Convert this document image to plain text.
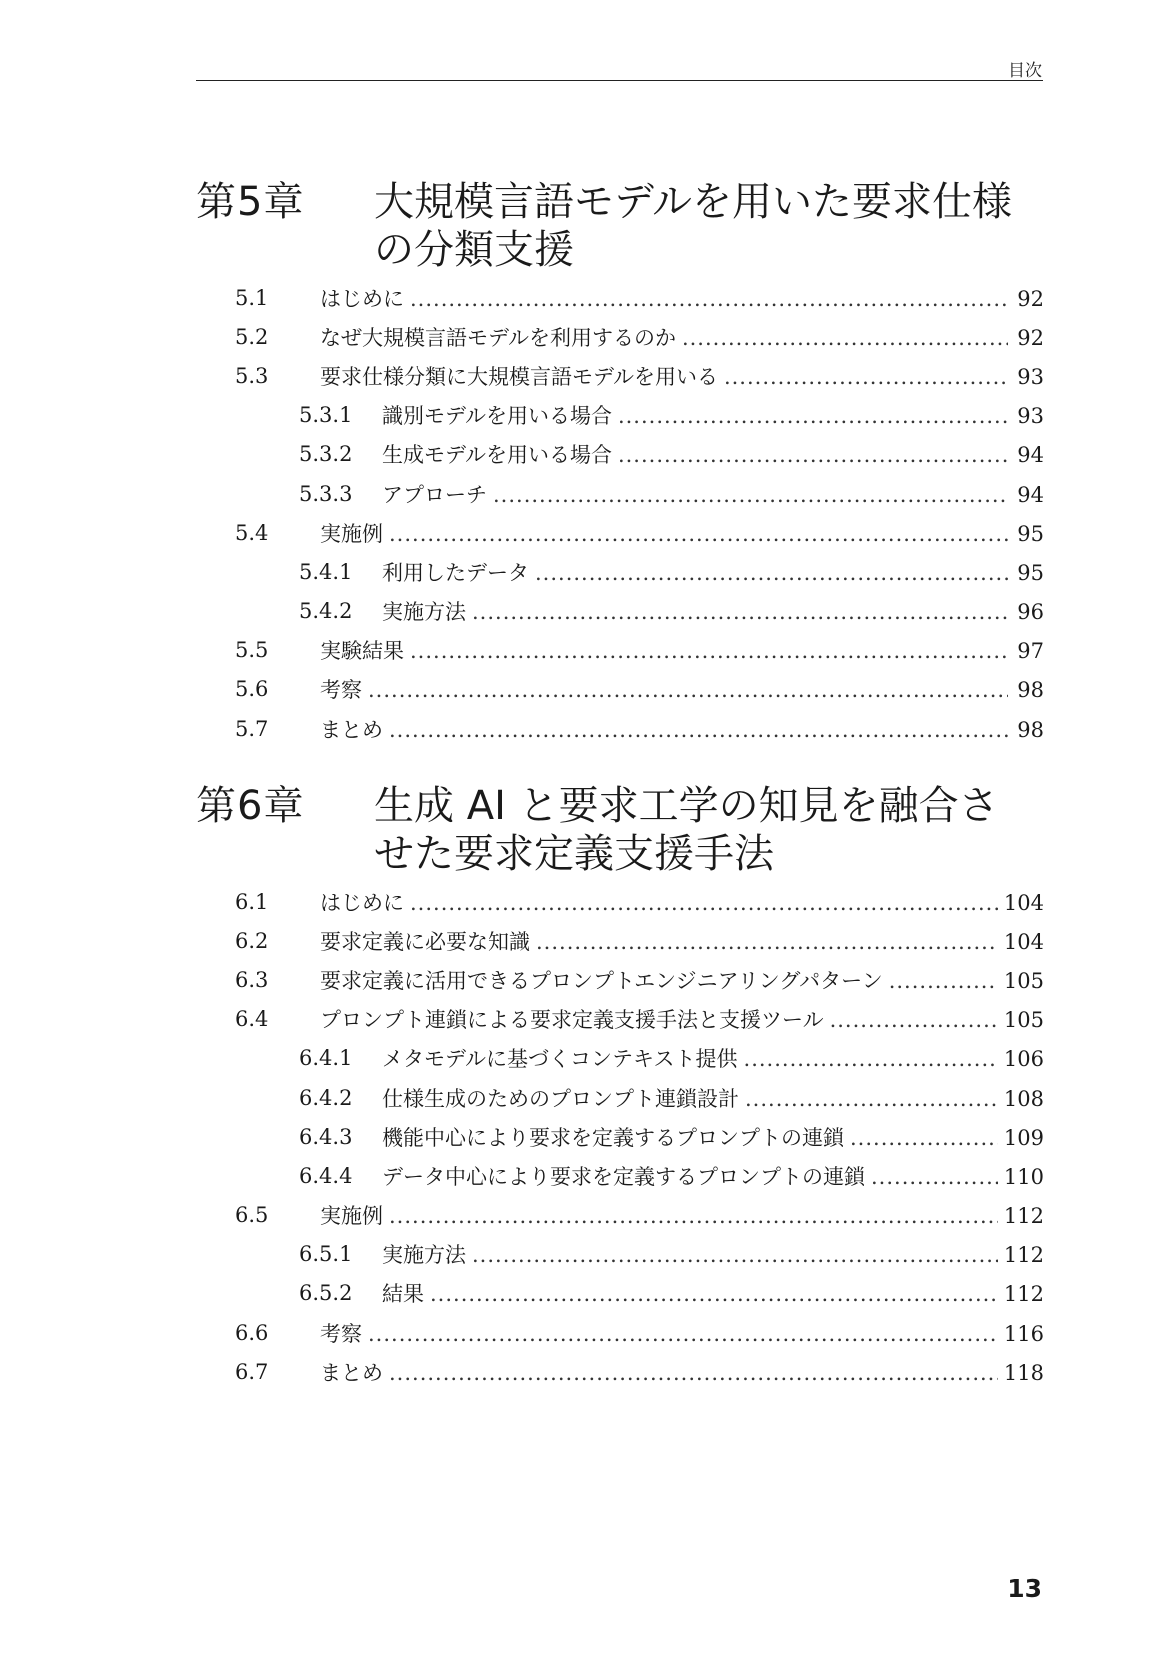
目次
第5章 大規模言語モデルを用いた要求仕様の分類支援
5.1 はじめに .....	92
5.2 なぜ大規模言語モデルを利用するのか .....	92
5.3 要求仕様分類に大規模言語モデルを用いる .....	93
5.3.1 識別モデルを用いる場合 .....	93
5.3.2 生成モデルを用いる場合 .....	94
5.3.3 アプローチ .....	94
5.4 実施例 .....	95
5.4.1 利用したデータ .....	95
5.4.2 実施方法 .....	96
5.5 実験結果 .....	97
5.6 考察 .....	98
5.7 まとめ .....	98
第6章 生成 AI と要求工学の知見を融合させた要求定義支援手法
6.1 はじめに .....	104
6.2 要求定義に必要な知識 .....	104
6.3 要求定義に活用できるプロンプトエンジニアリングパターン .....	105
6.4 プロンプト連鎖による要求定義支援手法と支援ツール .....	105
6.4.1 メタモデルに基づくコンテキスト提供 .....	106
6.4.2 仕様生成のためのプロンプト連鎖設計 .....	108
6.4.3 機能中心により要求を定義するプロンプトの連鎖 .....	109
6.4.4 データ中心により要求を定義するプロンプトの連鎖 .....	110
6.5 実施例 .....	112
6.5.1 実施方法 .....	112
6.5.2 結果 .....	112
6.6 考察 .....	116
6.7 まとめ .....	118
13
